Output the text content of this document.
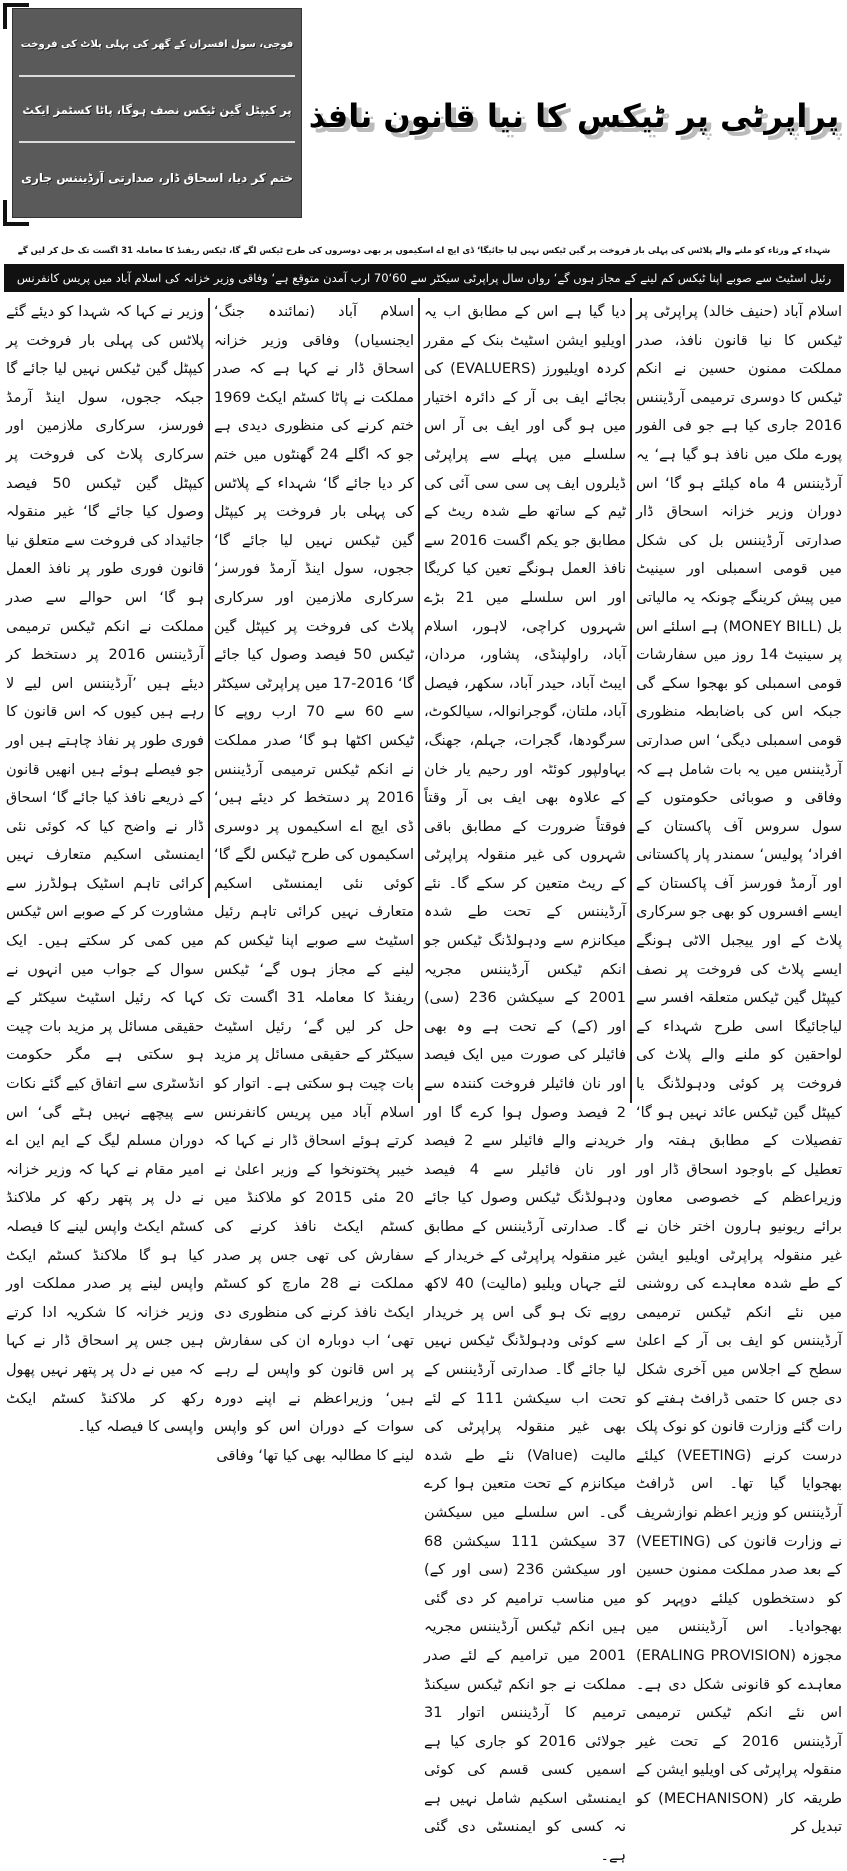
فوجی، سول افسران کے گھر کی پہلی پلاٹ کی فروخت
پر کیپٹل گین ٹیکس نصف ہوگا، پاٹا کسٹمز ایکٹ
ختم کر دیا، اسحاق ڈار، صدارتی آرڈیننس جاری
پراپرٹی پر ٹیکس کا نیا قانون نافذ
شہداء کے ورثاء کو ملنے والے پلاٹس کی پہلی بار فروخت پر گین ٹیکس نہیں لیا جائیگا‘ ڈی ایچ اے اسکیموں پر بھی دوسروں کی طرح ٹیکس لگے گا، ٹیکس ریفنڈ کا معاملہ 31 اگست تک حل کر لیں گے
رئیل اسٹیٹ سے صوبے اپنا ٹیکس کم لینے کے مجاز ہوں گے‘ رواں سال پراپرٹی سیکٹر سے 60‘70 ارب آمدن متوقع ہے‘ وفاقی وزیر خزانہ کی اسلام آباد میں پریس کانفرنس
اسلام آباد (حنیف خالد) پراپرٹی پر ٹیکس کا نیا قانون نافذ، صدر مملکت ممنون حسین نے انکم ٹیکس کا دوسری ترمیمی آرڈیننس 2016 جاری کیا ہے جو فی الفور پورے ملک میں نافذ ہو گیا ہے‘ یہ آرڈیننس 4 ماہ کیلئے ہو گا‘ اس دوران وزیر خزانہ اسحاق ڈار صدارتی آرڈیننس بل کی شکل میں قومی اسمبلی اور سینیٹ میں پیش کرینگے چونکہ یہ مالیاتی بل (MONEY BILL) ہے اسلئے اس پر سینیٹ 14 روز میں سفارشات قومی اسمبلی کو بھجوا سکے گی جبکہ اس کی باضابطہ منظوری قومی اسمبلی دیگی‘ اس صدارتی آرڈیننس میں یہ بات شامل ہے کہ وفاقی و صوبائی حکومتوں کے سول سروس آف پاکستان کے افراد‘ پولیس‘ سمندر پار پاکستانی اور آرمڈ فورسز آف پاکستان کے ایسے افسروں کو بھی جو سرکاری پلاٹ کے اور ییجبل الاٹی ہونگے ایسے پلاٹ کی فروخت پر نصف کیپٹل گین ٹیکس متعلقہ افسر سے لیاجائیگا اسی طرح شہداء کے لواحقین کو ملنے والے پلاٹ کی فروخت پر کوئی ودہولڈنگ یا کیپٹل گین ٹیکس عائد نہیں ہو گا‘ تفصیلات کے مطابق ہفتہ وار تعطیل کے باوجود اسحاق ڈار اور وزیراعظم کے خصوصی معاون برائے ریونیو ہارون اختر خان نے غیر منقولہ پراپرٹی اویلیو ایشن کے طے شدہ معاہدے کی روشنی میں نئے انکم ٹیکس ترمیمی آرڈیننس کو ایف بی آر کے اعلیٰ سطح کے اجلاس میں آخری شکل دی جس کا حتمی ڈرافٹ ہفتے کو رات گئے وزارت قانون کو نوک پلک درست کرنے (VEETING) کیلئے بھجوایا گیا تھا۔ اس ڈرافٹ آرڈیننس کو وزیر اعظم نوازشریف نے وزارت قانون کی (VEETING) کے بعد صدر مملکت ممنون حسین کو دستخطوں کیلئے دوپہر کو بھجوادیا۔ اس آرڈیننس میں مجوزہ (ERALING PROVISION) معاہدے کو قانونی شکل دی ہے۔ اس نئے انکم ٹیکس ترمیمی آرڈیننس 2016 کے تحت غیر منقولہ پراپرٹی کی اویلیو ایشن کے طریقہ کار (MECHANISON) کو تبدیل کر
دیا گیا ہے اس کے مطابق اب یہ اویلیو ایشن اسٹیٹ بنک کے مقرر کردہ اویلیورز (EVALUERS) کی بجائے ایف بی آر کے دائرہ اختیار میں ہو گی اور ایف بی آر اس سلسلے میں پہلے سے پراپرٹی ڈیلروں ایف پی سی سی آئی کی ٹیم کے ساتھ طے شدہ ریٹ کے مطابق جو یکم اگست 2016 سے نافذ العمل ہونگے تعین کیا کریگا اور اس سلسلے میں 21 بڑے شہروں کراچی، لاہور، اسلام آباد، راولپنڈی، پشاور، مردان، ایبٹ آباد، حیدر آباد، سکھر، فیصل آباد، ملتان، گوجرانوالہ، سیالکوٹ، سرگودھا، گجرات، جہلم، جھنگ، بہاولپور کوئٹہ اور رحیم یار خان کے علاوہ بھی ایف بی آر وقتاً فوقتاً ضرورت کے مطابق باقی شہروں کی غیر منقولہ پراپرٹی کے ریٹ متعین کر سکے گا۔ نئے آرڈیننس کے تحت طے شدہ میکانزم سے ودہولڈنگ ٹیکس جو انکم ٹیکس آرڈیننس مجریہ 2001 کے سیکشن 236 (سی) اور (کے) کے تحت ہے وہ بھی فائیلر کی صورت میں ایک فیصد اور نان فائیلر فروخت کنندہ سے 2 فیصد وصول ہوا کرے گا اور خریدنے والے فائیلر سے 2 فیصد اور نان فائیلر سے 4 فیصد ودہولڈنگ ٹیکس وصول کیا جائے گا۔ صدارتی آرڈیننس کے مطابق غیر منقولہ پراپرٹی کے خریدار کے لئے جہاں ویلیو (مالیت) 40 لاکھ روپے تک ہو گی اس پر خریدار سے کوئی ودہولڈنگ ٹیکس نہیں لیا جائے گا۔ صدارتی آرڈیننس کے تحت اب سیکشن 111 کے لئے بھی غیر منقولہ پراپرٹی کی مالیت (Value) نئے طے شدہ میکانزم کے تحت متعین ہوا کرے گی۔ اس سلسلے میں سیکشن 37 سیکشن 111 سیکشن 68 اور سیکشن 236 (سی اور کے) میں مناسب ترامیم کر دی گئی ہیں انکم ٹیکس آرڈیننس مجریہ 2001 میں ترامیم کے لئے صدر مملکت نے جو انکم ٹیکس سیکنڈ ترمیم کا آرڈیننس اتوار 31 جولائی 2016 کو جاری کیا ہے اسمیں کسی قسم کی کوئی ایمنسٹی اسکیم شامل نہیں ہے نہ کسی کو ایمنسٹی دی گئی ہے۔
اسلام آباد (نمائندہ جنگ‘ ایجنسیاں) وفاقی وزیر خزانہ اسحاق ڈار نے کہا ہے کہ صدر مملکت نے پاٹا کسٹم ایکٹ 1969 ختم کرنے کی منظوری دیدی ہے جو کہ اگلے 24 گھنٹوں میں ختم کر دیا جائے گا‘ شہداء کے پلاٹس کی پہلی بار فروخت پر کیپٹل گین ٹیکس نہیں لیا جائے گا‘ ججوں، سول اینڈ آرمڈ فورسز‘ سرکاری ملازمین اور سرکاری پلاٹ کی فروخت پر کیپٹل گین ٹیکس 50 فیصد وصول کیا جائے گا‘ 2016-17 میں پراپرٹی سیکٹر سے 60 سے 70 ارب روپے کا ٹیکس اکٹھا ہو گا‘ صدر مملکت نے انکم ٹیکس ترمیمی آرڈیننس 2016 پر دستخط کر دیئے ہیں‘ ڈی ایچ اے اسکیموں پر دوسری اسکیموں کی طرح ٹیکس لگے گا‘ کوئی نئی ایمنسٹی اسکیم متعارف نہیں کرائی تاہم رئیل اسٹیٹ سے صوبے اپنا ٹیکس کم لینے کے مجاز ہوں گے‘ ٹیکس ریفنڈ کا معاملہ 31 اگست تک حل کر لیں گے‘ رئیل اسٹیٹ سیکٹر کے حقیقی مسائل پر مزید بات چیت ہو سکتی ہے۔ اتوار کو اسلام آباد میں پریس کانفرنس کرتے ہوئے اسحاق ڈار نے کہا کہ خیبر پختونخوا کے وزیر اعلیٰ نے 20 مئی 2015 کو ملاکنڈ میں کسٹم ایکٹ نافذ کرنے کی سفارش کی تھی جس پر صدر مملکت نے 28 مارچ کو کسٹم ایکٹ نافذ کرنے کی منظوری دی تھی‘ اب دوبارہ ان کی سفارش پر اس قانون کو واپس لے رہے ہیں‘ وزیراعظم نے اپنے دورہ سوات کے دوران اس کو واپس لینے کا مطالبہ بھی کیا تھا‘ وفاقی
وزیر نے کہا کہ شہدا کو دیئے گئے پلاٹس کی پہلی بار فروخت پر کیپٹل گین ٹیکس نہیں لیا جائے گا جبکہ ججوں، سول اینڈ آرمڈ فورسز، سرکاری ملازمین اور سرکاری پلاٹ کی فروخت پر کیپٹل گین ٹیکس 50 فیصد وصول کیا جائے گا‘ غیر منقولہ جائیداد کی فروخت سے متعلق نیا قانون فوری طور پر نافذ العمل ہو گا‘ اس حوالے سے صدر مملکت نے انکم ٹیکس ترمیمی آرڈیننس 2016 پر دستخط کر دیئے ہیں ’آرڈیننس اس لیے لا رہے ہیں کیوں کہ اس قانون کا فوری طور پر نفاذ چاہتے ہیں اور جو فیصلے ہوئے ہیں انھیں قانون کے ذریعے نافذ کیا جائے گا‘ اسحاق ڈار نے واضح کیا کہ کوئی نئی ایمنسٹی اسکیم متعارف نہیں کرائی تاہم اسٹیک ہولڈرز سے مشاورت کر کے صوبے اس ٹیکس میں کمی کر سکتے ہیں۔ ایک سوال کے جواب میں انہوں نے کہا کہ رئیل اسٹیٹ سیکٹر کے حقیقی مسائل پر مزید بات چیت ہو سکتی ہے مگر حکومت انڈسٹری سے اتفاق کیے گئے نکات سے پیچھے نہیں ہٹے گی‘ اس دوران مسلم لیگ کے ایم این اے امیر مقام نے کہا کہ وزیر خزانہ نے دل پر پتھر رکھ کر ملاکنڈ کسٹم ایکٹ واپس لینے کا فیصلہ کیا ہو گا ملاکنڈ کسٹم ایکٹ واپس لینے پر صدر مملکت اور وزیر خزانہ کا شکریہ ادا کرتے ہیں جس پر اسحاق ڈار نے کہا کہ میں نے دل پر پتھر نہیں پھول رکھ کر ملاکنڈ کسٹم ایکٹ واپسی کا فیصلہ کیا۔
